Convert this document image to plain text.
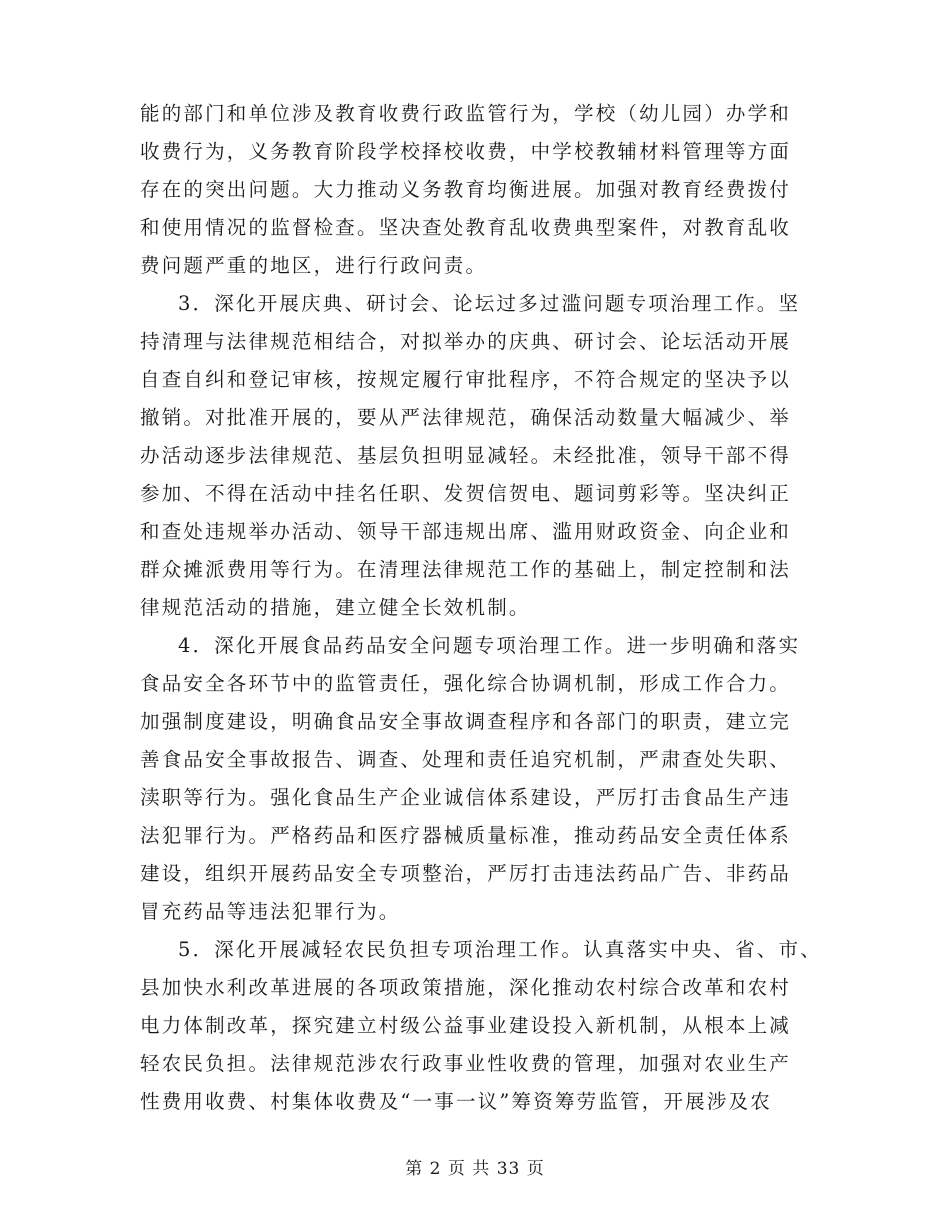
能的部门和单位涉及教育收费行政监管行为，学校（幼儿园）办学和
收费行为，义务教育阶段学校择校收费，中学校教辅材料管理等方面
存在的突出问题。大力推动义务教育均衡进展。加强对教育经费拨付
和使用情况的监督检查。坚决查处教育乱收费典型案件，对教育乱收
费问题严重的地区，进行行政问责。
3．深化开展庆典、研讨会、论坛过多过滥问题专项治理工作。坚
持清理与法律规范相结合，对拟举办的庆典、研讨会、论坛活动开展
自查自纠和登记审核，按规定履行审批程序，不符合规定的坚决予以
撤销。对批准开展的，要从严法律规范，确保活动数量大幅减少、举
办活动逐步法律规范、基层负担明显减轻。未经批准，领导干部不得
参加、不得在活动中挂名任职、发贺信贺电、题词剪彩等。坚决纠正
和查处违规举办活动、领导干部违规出席、滥用财政资金、向企业和
群众摊派费用等行为。在清理法律规范工作的基础上，制定控制和法
律规范活动的措施，建立健全长效机制。
4．深化开展食品药品安全问题专项治理工作。进一步明确和落实
食品安全各环节中的监管责任，强化综合协调机制，形成工作合力。
加强制度建设，明确食品安全事故调查程序和各部门的职责，建立完
善食品安全事故报告、调查、处理和责任追究机制，严肃查处失职、
渎职等行为。强化食品生产企业诚信体系建设，严厉打击食品生产违
法犯罪行为。严格药品和医疗器械质量标准，推动药品安全责任体系
建设，组织开展药品安全专项整治，严厉打击违法药品广告、非药品
冒充药品等违法犯罪行为。
5．深化开展减轻农民负担专项治理工作。认真落实中央、省、市、
县加快水利改革进展的各项政策措施，深化推动农村综合改革和农村
电力体制改革，探究建立村级公益事业建设投入新机制，从根本上减
轻农民负担。法律规范涉农行政事业性收费的管理，加强对农业生产
性费用收费、村集体收费及“一事一议”筹资筹劳监管，开展涉及农
第 2 页 共 33 页
